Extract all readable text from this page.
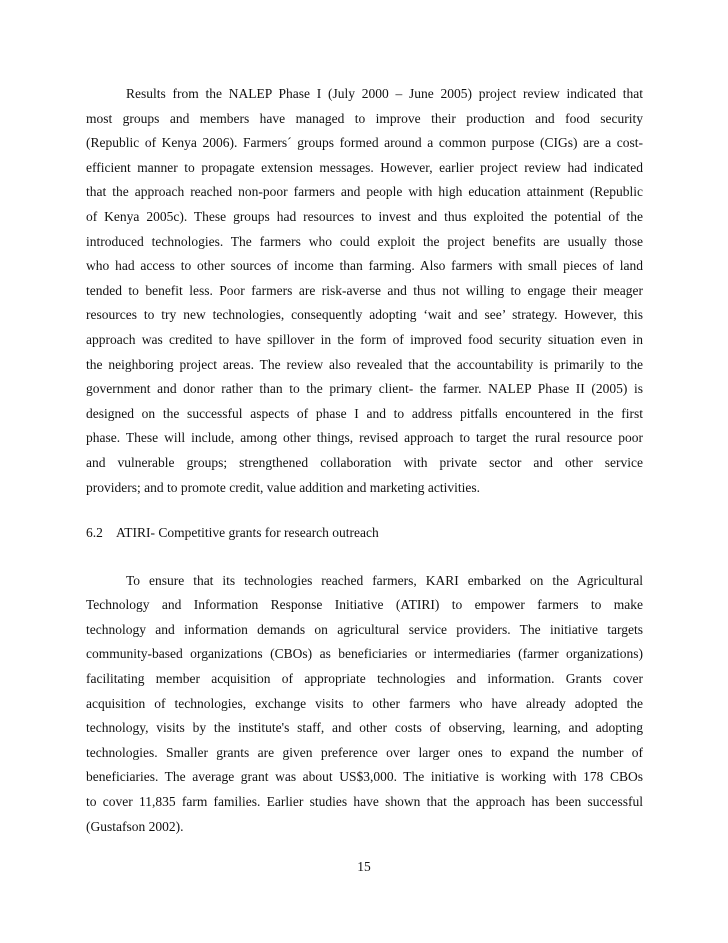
Results from the NALEP Phase I (July 2000 – June 2005) project review indicated that
most groups and members have managed to improve their production and food security
(Republic of Kenya 2006). Farmers´ groups formed around a common purpose (CIGs) are a cost-
efficient manner to propagate extension messages. However, earlier project review had indicated
that the approach reached non-poor farmers and people with high education attainment (Republic
of Kenya 2005c). These groups had resources to invest and thus exploited the potential of the
introduced technologies. The farmers who could exploit the project benefits are usually those
who had access to other sources of income than farming. Also farmers with small pieces of land
tended to benefit less. Poor farmers are risk-averse and thus not willing to engage their meager
resources to try new technologies, consequently adopting ‘wait and see’ strategy. However, this
approach was credited to have spillover in the form of improved food security situation even in
the neighboring project areas. The review also revealed that the accountability is primarily to the
government and donor rather than to the primary client- the farmer. NALEP Phase II (2005) is
designed on the successful aspects of phase I and to address pitfalls encountered in the first
phase. These will include, among other things, revised approach to target the rural resource poor
and vulnerable groups; strengthened collaboration with private sector and other service
providers; and to promote credit, value addition and marketing activities.
6.2 ATIRI- Competitive grants for research outreach
To ensure that its technologies reached farmers, KARI embarked on the Agricultural
Technology and Information Response Initiative (ATIRI) to empower farmers to make
technology and information demands on agricultural service providers. The initiative targets
community-based organizations (CBOs) as beneficiaries or intermediaries (farmer organizations)
facilitating member acquisition of appropriate technologies and information. Grants cover
acquisition of technologies, exchange visits to other farmers who have already adopted the
technology, visits by the institute's staff, and other costs of observing, learning, and adopting
technologies. Smaller grants are given preference over larger ones to expand the number of
beneficiaries. The average grant was about US$3,000. The initiative is working with 178 CBOs
to cover 11,835 farm families. Earlier studies have shown that the approach has been successful
(Gustafson 2002).
15
